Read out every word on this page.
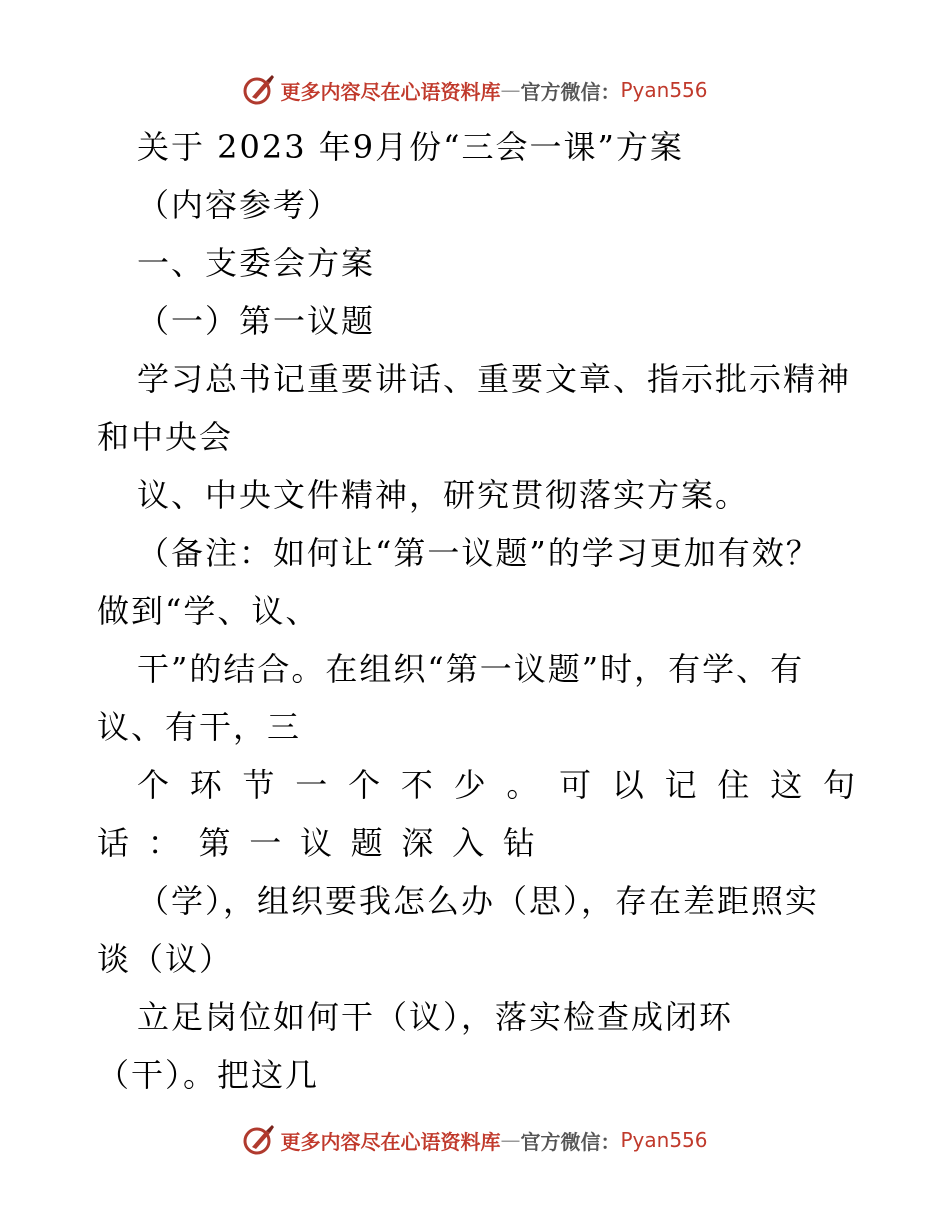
更多内容尽在心语资料库 — 官方微信： Pyan556
关于 2023 年9月份“三会一课”方案
（内容参考）
一、支委会方案
（一）第一议题
学习总书记重要讲话、重要文章、指示批示精神
和中央会
议、中央文件精神，研究贯彻落实方案。
（备注：如何让“第一议题”的学习更加有效？
做到“学、议、
干”的结合。在组织“第一议题”时，有学、有
议、有干，三
个 环 节 一 个 不 少 。 可 以 记 住 这 句
话 ： 第 一 议 题 深 入 钻
（学），组织要我怎么办（思），存在差距照实
谈（议）
立足岗位如何干（议），落实检查成闭环
（干）。把这几
更多内容尽在心语资料库 — 官方微信： Pyan556
